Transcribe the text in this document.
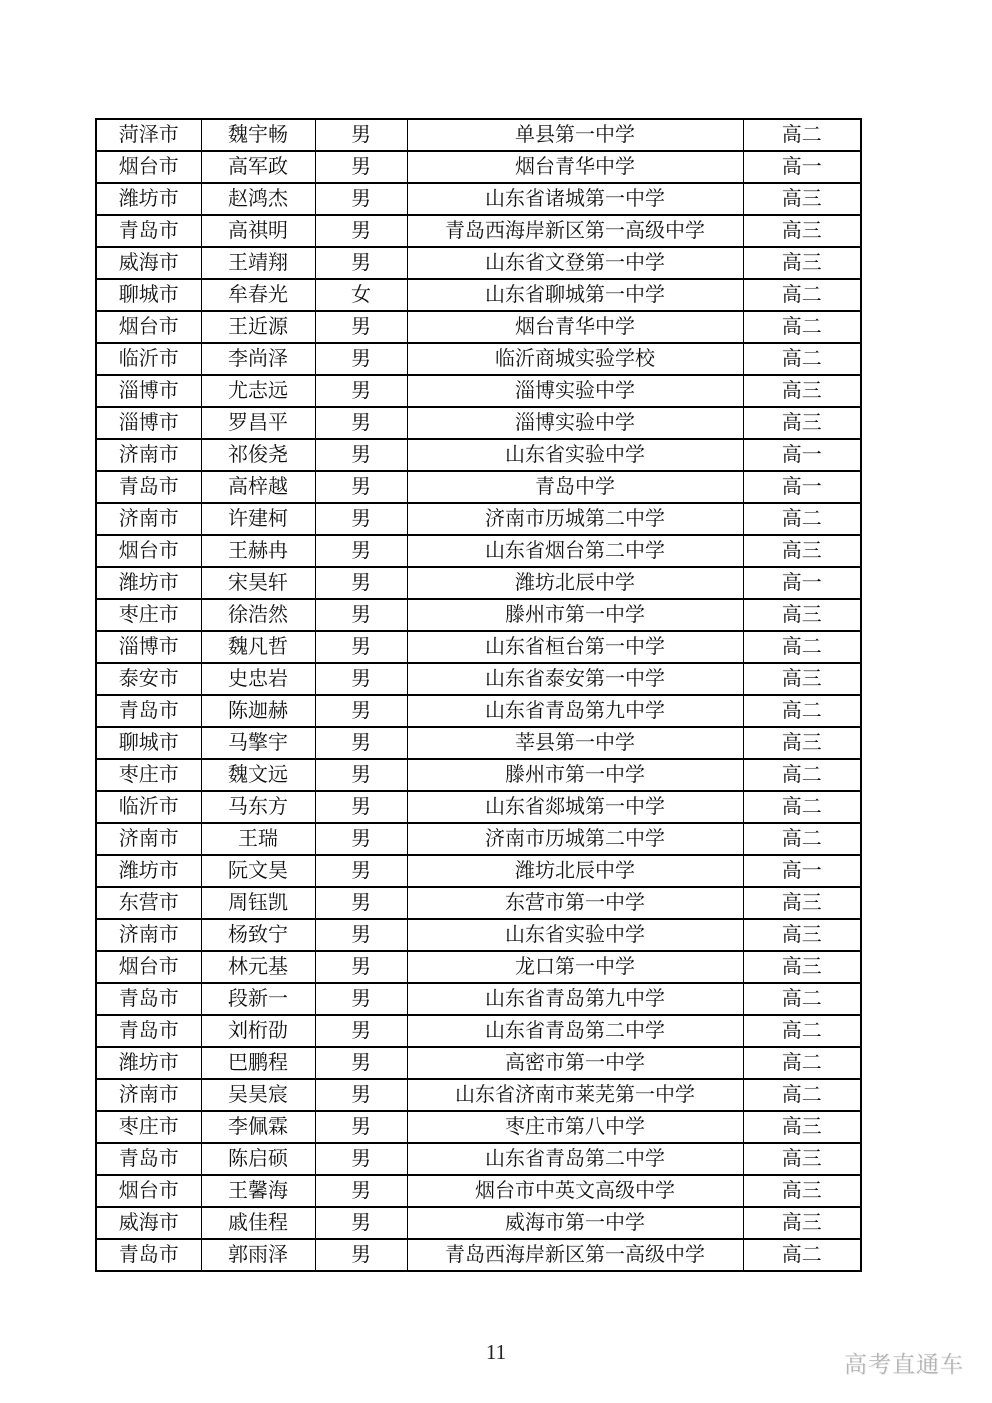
菏泽市	魏宇畅	男	单县第一中学	高二
烟台市	高军政	男	烟台青华中学	高一
潍坊市	赵鸿杰	男	山东省诸城第一中学	高三
青岛市	高祺明	男	青岛西海岸新区第一高级中学	高三
威海市	王靖翔	男	山东省文登第一中学	高三
聊城市	牟春光	女	山东省聊城第一中学	高二
烟台市	王近源	男	烟台青华中学	高二
临沂市	李尚泽	男	临沂商城实验学校	高二
淄博市	尤志远	男	淄博实验中学	高三
淄博市	罗昌平	男	淄博实验中学	高三
济南市	祁俊尧	男	山东省实验中学	高一
青岛市	高梓越	男	青岛中学	高一
济南市	许建柯	男	济南市历城第二中学	高二
烟台市	王赫冉	男	山东省烟台第二中学	高三
潍坊市	宋昊轩	男	潍坊北辰中学	高一
枣庄市	徐浩然	男	滕州市第一中学	高三
淄博市	魏凡哲	男	山东省桓台第一中学	高二
泰安市	史忠岩	男	山东省泰安第一中学	高三
青岛市	陈迦赫	男	山东省青岛第九中学	高二
聊城市	马擎宇	男	莘县第一中学	高三
枣庄市	魏文远	男	滕州市第一中学	高二
临沂市	马东方	男	山东省郯城第一中学	高二
济南市	王瑞	男	济南市历城第二中学	高二
潍坊市	阮文昊	男	潍坊北辰中学	高一
东营市	周钰凯	男	东营市第一中学	高三
济南市	杨致宁	男	山东省实验中学	高三
烟台市	林元基	男	龙口第一中学	高三
青岛市	段新一	男	山东省青岛第九中学	高二
青岛市	刘桁劭	男	山东省青岛第二中学	高二
潍坊市	巴鹏程	男	高密市第一中学	高二
济南市	吴昊宸	男	山东省济南市莱芜第一中学	高二
枣庄市	李佩霖	男	枣庄市第八中学	高三
青岛市	陈启硕	男	山东省青岛第二中学	高三
烟台市	王馨海	男	烟台市中英文高级中学	高三
威海市	戚佳程	男	威海市第一中学	高三
青岛市	郭雨泽	男	青岛西海岸新区第一高级中学	高二
11	高考直通车
